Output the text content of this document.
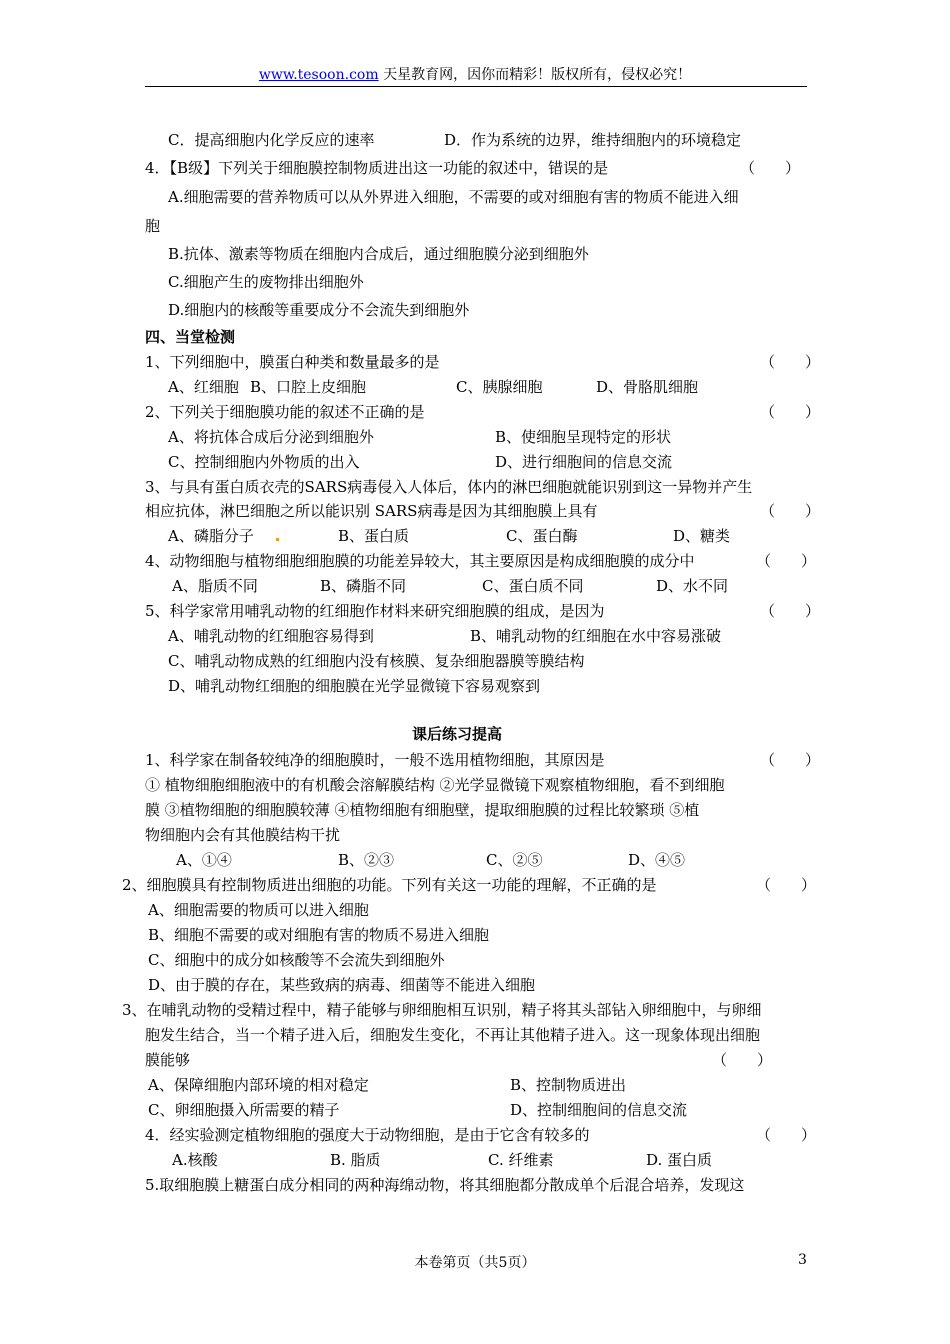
www.tesoon.com 天星教育网，因你而精彩！版权所有，侵权必究！
C．提高细胞内化学反应的速率	D．作为系统的边界，维持细胞内的环境稳定
4．【B级】下列关于细胞膜控制物质进出这一功能的叙述中，错误的是	（　　）
A.细胞需要的营养物质可以从外界进入细胞，不需要的或对细胞有害的物质不能进入细
胞
B.抗体、激素等物质在细胞内合成后，通过细胞膜分泌到细胞外
C.细胞产生的废物排出细胞外
D.细胞内的核酸等重要成分不会流失到细胞外
四、当堂检测
1、下列细胞中，膜蛋白种类和数量最多的是	（　　）
A、红细胞 B、口腔上皮细胞	C、胰腺细胞	D、骨胳肌细胞
2、下列关于细胞膜功能的叙述不正确的是	（　　）
A、将抗体合成后分泌到细胞外	B、使细胞呈现特定的形状
C、控制细胞内外物质的出入	D、进行细胞间的信息交流
3、与具有蛋白质衣壳的SARS病毒侵入人体后，体内的淋巴细胞就能识别到这一异物并产生
相应抗体，淋巴细胞之所以能识别 SARS病毒是因为其细胞膜上具有	（　　）
A、磷脂分子	B、蛋白质	C、蛋白酶	D、糖类
4、动物细胞与植物细胞细胞膜的功能差异较大，其主要原因是构成细胞膜的成分中	（　　）
A、脂质不同	B、磷脂不同	C、蛋白质不同	D、水不同
5、科学家常用哺乳动物的红细胞作材料来研究细胞膜的组成，是因为	（　　）
A、哺乳动物的红细胞容易得到	B、哺乳动物的红细胞在水中容易涨破
C、哺乳动物成熟的红细胞内没有核膜、复杂细胞器膜等膜结构
D、哺乳动物红细胞的细胞膜在光学显微镜下容易观察到
课后练习提高
1、科学家在制备较纯净的细胞膜时，一般不选用植物细胞，其原因是	（　　）
① 植物细胞细胞液中的有机酸会溶解膜结构 ②光学显微镜下观察植物细胞，看不到细胞
膜 ③植物细胞的细胞膜较薄 ④植物细胞有细胞壁，提取细胞膜的过程比较繁琐 ⑤植
物细胞内会有其他膜结构干扰
A、①④	B、②③	C、②⑤	D、④⑤
2、细胞膜具有控制物质进出细胞的功能。下列有关这一功能的理解，不正确的是	（　　）
A、细胞需要的物质可以进入细胞
B、细胞不需要的或对细胞有害的物质不易进入细胞
C、细胞中的成分如核酸等不会流失到细胞外
D、由于膜的存在，某些致病的病毒、细菌等不能进入细胞
3、在哺乳动物的受精过程中，精子能够与卵细胞相互识别，精子将其头部钻入卵细胞中，与卵细
胞发生结合，当一个精子进入后，细胞发生变化，不再让其他精子进入。这一现象体现出细胞
膜能够	（　　）
A、保障细胞内部环境的相对稳定	B、控制物质进出
C、卵细胞摄入所需要的精子	D、控制细胞间的信息交流
4．经实验测定植物细胞的强度大于动物细胞，是由于它含有较多的	（　　）
A.核酸	B. 脂质	C. 纤维素	D. 蛋白质
5.取细胞膜上糖蛋白成分相同的两种海绵动物，将其细胞都分散成单个后混合培养，发现这
本卷第页（共5页）	3
